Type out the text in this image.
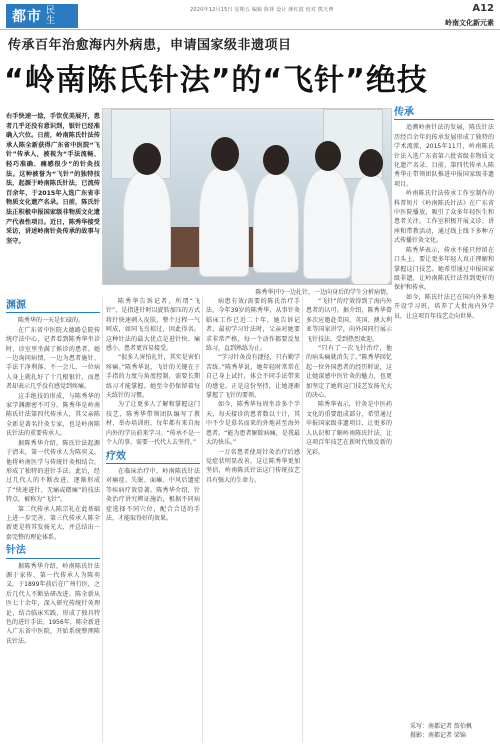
都市 民生
2020年12月15日 星期五 编辑 陈林 设计 颜红霞 校对 熊天博	A12
岭南文化新元素
传承百年治愈海内外病患，申请国家级非遗项目
“岭南陈氏针法”的“飞针”绝技
右手快速一捻，手饮优美展开，患者几乎还没有意识到，银针已经准确入穴位。日前，岭南陈氏针法传承人陈全新获得广东省中医院“飞针”传承人，被视为“手法流畅、轻巧准确、痛感很少”的针灸技法。这种被誉为“飞针”的独特技法，起源于岭南陈氏针法，已流传百余年，于2015年入选广东省非物质文化遗产名录。日前，陈氏针法正积极申报国家级非物质文化遗产代表性项目。近日，陈秀华接受采访，讲述岭南针灸传承的故事与坚守。
陈秀华(中)一边扎针，一边向身后的学生分析病情。
传承

追溯岭南针法的发展，陈氏针法历经百余年的传承发展形成了独特的学术流派，2015年11月，岭南陈氏针法入选广东省第六批省级非物质文化遗产名录。目前，第四代传承人陈秀华正带领团队推进申报国家级非遗项目。

岭南陈氏针法传承工作室制作的科普短片《岭南陈氏针法》在广东省中医院播放，吸引了众多年轻医生和患者关注。工作室积极开展义诊、讲座和带教活动，通过线上线下多种方式传播针灸文化。

陈秀华表示，传承不能只停留在口头上，要让更多年轻人真正理解和掌握这门技艺。她希望通过申报国家级非遗，让岭南陈氏针法得到更好的保护和传承。

如今，陈氏针法已在国内外多地开设学习班，培养了大批海内外学员，让这项百年技艺走向世界。

渊源

陈秀华的一天是忙碌的。

在广东省中医院大德路总院传统疗法中心，记者看到陈秀华坐诊时，诊室里坐满了候诊的患者。她一边询问病情，一边为患者施针，手法干净利落。不一会儿，一位病人身上就扎好了十几根银针，而患者却表示几乎没有感觉到疼痛。

这手绝技的形成，与陈秀华的家学渊源密不可分。陈秀华是岭南陈氏针法第四代传承人，其父亲陈全新是著名针灸专家，也是岭南陈氏针法的重要传承人。

据陈秀华介绍，陈氏针法起源于清末，第一代传承人为陈奕义，他将岭南医学与传统针灸相结合，形成了独特的进针手法。此后，经过几代人的不断改进，逐渐形成了“快速进针、无痛或微痛”的技法特点，被称为“飞针”。

第二代传承人陈宗礼在此基础上进一步完善，第三代传承人陈全新更是将其发扬光大，并总结出一套完整的理论体系。

针法

据陈秀华介绍，岭南陈氏针法源于家传，第一代传承人为陈奕义，于1899年前后在广州行医，之后几代人不断钻研改进。陈全新从医七十余年，深入研究传统针灸理论，结合临床实践，形成了独具特色的进针手法。1956年，陈全新进入广东省中医院，开始系统整理陈氏针法。

陈秀华告诉记者，所谓“飞针”，是指进针时以旋转加压的方式将针快速刺入皮肤，整个过程一气呵成，如同飞鸟掠过，因此得名。这种针法的最大优点是进针快、痛感小，患者更容易接受。

“很多人害怕扎针，其实是害怕疼痛。”陈秀华说，飞针的关键在于手指的力度与角度控制，需要长期练习才能掌握。她至今仍保留着每天练针的习惯。

为了让更多人了解和掌握这门技艺，陈秀华带领团队编写了教材，举办培训班，每年都有来自海内外的学员前来学习。“传承不是一个人的事，需要一代代人去坚持。”

疗效

在临床治疗中，岭南陈氏针法对痛症、失眠、面瘫、中风后遗症等疾病疗效显著。陈秀华介绍，针灸治疗讲究辨证施治，根据不同病症选择不同穴位，配合合适的手法，才能取得好的效果。

病患有效/需要的陈氏治疗手法，今年39岁的陈秀华，从事针灸临床工作已近二十年，她告诉记者，最初学习针法时，父亲对她要求非常严格，每一个动作都要反复练习，直到熟练为止。

“学习针灸没有捷径，只有勤学苦练。”陈秀华说，她年轻时常常在自己身上试针，体会不同手法带来的感觉。正是这份坚持，让她逐渐掌握了飞针的要领。

如今，陈秀华每周坐诊多个半天，每天接诊的患者数以十计，其中不少是慕名而来的外地甚至海外患者。“能为患者解除病痛，是我最大的快乐。”

一万名患者使用针灸治疗后感觉症状明显改善，这让陈秀华更加坚信，岭南陈氏针法这门传统技艺具有强大的生命力。

“飞针”的疗效得到了海内外患者的认可。据介绍，陈秀华曾多次应邀赴美国、英国、澳大利亚等国家讲学，向外国同行展示飞针技法，受到热烈欢迎。

“只有了一次飞针治疗，他的病头痛就消失了。”陈秀华回忆起一位外国患者的经历时说，这让她深感中医针灸的魅力，也更加坚定了她将这门技艺发扬光大的决心。

陈秀华表示，针灸是中医药文化的重要组成部分，希望通过申报国家级非遗项目，让更多的人认识和了解岭南陈氏针法，让这项百年技艺在新时代焕发新的光彩。

采写：南都记者 詹伯枫
摄影：南都记者 梁锦
